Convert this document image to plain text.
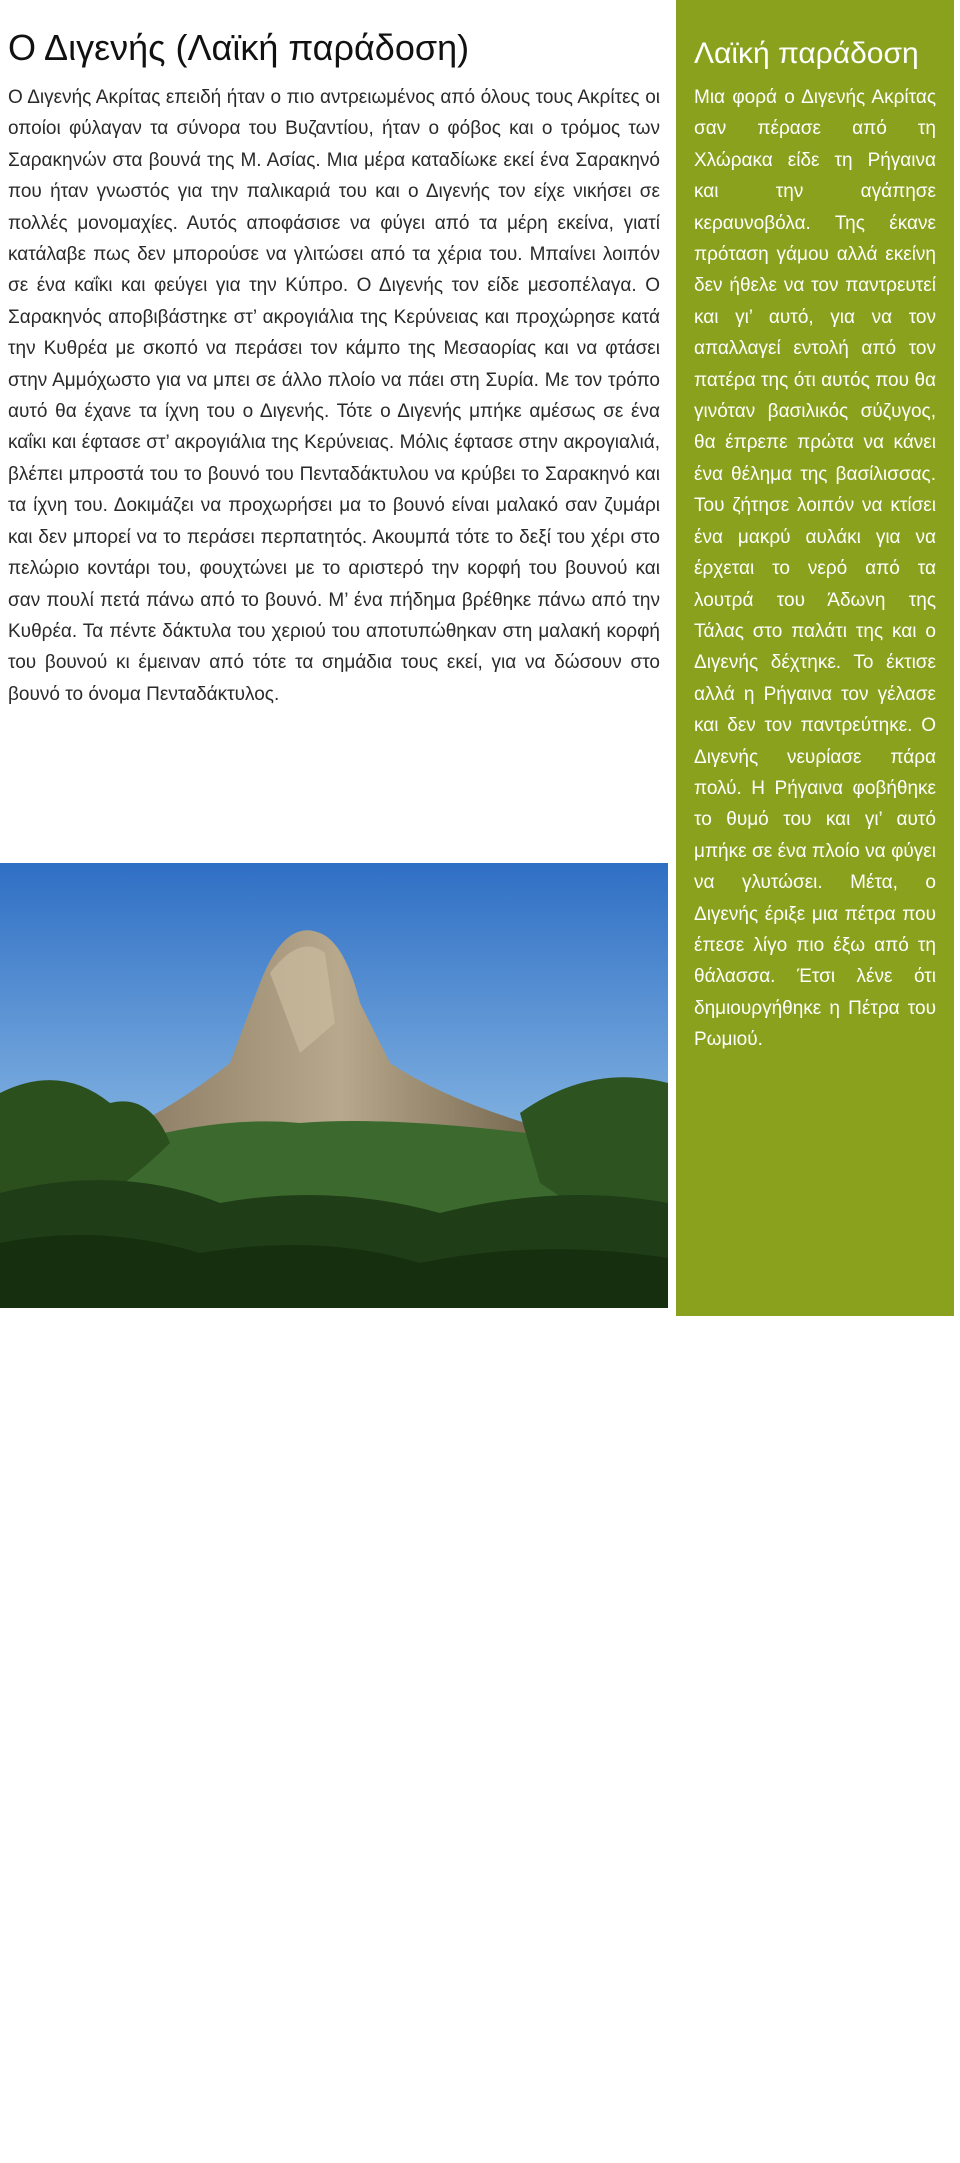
Ο Διγενής (Λαϊκή παράδοση)

Ο Διγενής Ακρίτας επειδή ήταν ο πιο αντρειωμένος από όλους τους Ακρίτες οι οποίοι φύλαγαν τα σύνορα του Βυζαντίου, ήταν ο φόβος και ο τρόμος των Σαρακηνών στα βουνά της Μ. Ασίας. Μια μέρα καταδίωκε εκεί ένα Σαρακηνό που ήταν γνωστός για την παλικαριά του και ο Διγενής τον είχε νικήσει σε πολλές μονομαχίες. Αυτός αποφάσισε να φύγει από τα μέρη εκείνα, γιατί κατάλαβε πως δεν μπορούσε να γλιτώσει από τα χέρια του. Μπαίνει λοιπόν σε ένα καΐκι και φεύγει για την Κύπρο. Ο Διγενής τον είδε μεσοπέλαγα. Ο Σαρακηνός αποβιβάστηκε στ’ ακρογιάλια της Κερύνειας και προχώρησε κατά την Κυθρέα με σκοπό να περάσει τον κάμπο της Μεσαορίας και να φτάσει στην Αμμόχωστο για να μπει σε άλλο πλοίο να πάει στη Συρία. Με τον τρόπο αυτό θα έχανε τα ίχνη του ο Διγενής. Τότε ο Διγενής μπήκε αμέσως σε ένα καΐκι και έφτασε στ’ ακρογιάλια της Κερύνειας. Μόλις έφτασε στην ακρογιαλιά, βλέπει μπροστά του το βουνό του Πενταδάκτυλου να κρύβει το Σαρακηνό και τα ίχνη του. Δοκιμάζει να προχωρήσει μα το βουνό είναι μαλακό σαν ζυμάρι και δεν μπορεί να το περάσει περπατητός. Ακουμπά τότε το δεξί του χέρι στο πελώριο κοντάρι του, φουχτώνει με το αριστερό την κορφή του βουνού και σαν πουλί πετά πάνω από το βουνό. Μ’ ένα πήδημα βρέθηκε πάνω από την Κυθρέα. Τα πέντε δάκτυλα του χεριού του αποτυπώθηκαν στη μαλακή κορφή του βουνού κι έμειναν από τότε τα σημάδια τους εκεί, για να δώσουν στο βουνό το όνομα Πενταδάκτυλος.

Πενταδάχτυλος
Λαϊκή παράδοση

Μια φορά ο Διγενής Ακρίτας σαν πέρασε από τη Χλώρακα είδε τη Ρήγαινα και την αγάπησε κεραυνοβόλα. Της έκανε πρόταση γάμου αλλά εκείνη δεν ήθελε να τον παντρευτεί και γι’ αυτό, για να τον απαλλαγεί εντολή από τον πατέρα της ότι αυτός που θα γινόταν βασιλικός σύζυγος, θα έπρεπε πρώτα να κάνει ένα θέλημα της βασίλισσας. Του ζήτησε λοιπόν να κτίσει ένα μακρύ αυλάκι για να έρχεται το νερό από τα λουτρά του Άδωνη της Τάλας στο παλάτι της και ο Διγενής δέχτηκε. Το έκτισε αλλά η Ρήγαινα τον γέλασε και δεν τον παντρεύτηκε. Ο Διγενής νευρίασε πάρα πολύ. Η Ρήγαινα φοβήθηκε το θυμό του και γι’ αυτό μπήκε σε ένα πλοίο να φύγει να γλυτώσει. Μέτα, ο Διγενής έριξε μια πέτρα που έπεσε λίγο πιο έξω από τη θάλασσα. Έτσι λένε ότι δημιουργήθηκε η Πέτρα του Ρωμιού.
